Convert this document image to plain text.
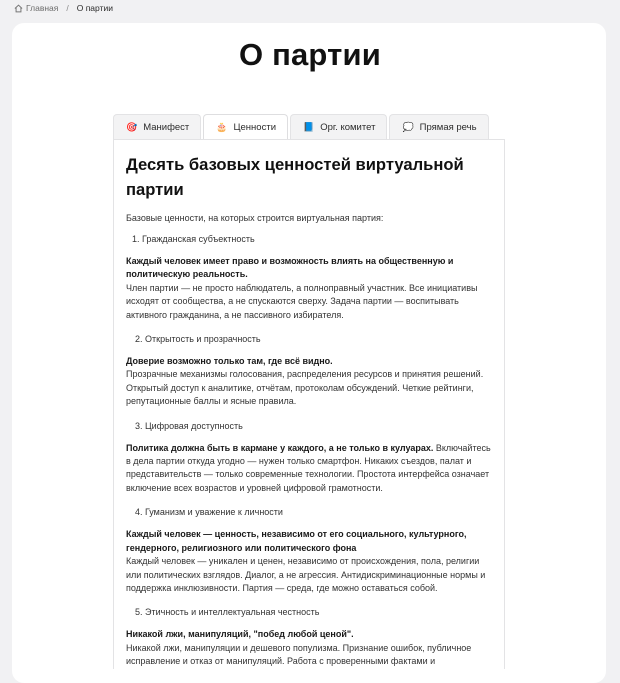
Главная / О партии
О партии
🎯 Манифест	🎂 Ценности	📘 Орг. комитет	💭 Прямая речь
Десять базовых ценностей виртуальной партии

Базовые ценности, на которых строится виртуальная партия:

1. Гражданская субъектность

Каждый человек имеет право и возможность влиять на общественную и политическую реальность.
Член партии — не просто наблюдатель, а полноправный участник. Все инициативы исходят от сообщества, а не спускаются сверху. Задача партии — воспитывать активного гражданина, а не пассивного избирателя.

2. Открытость и прозрачность

Доверие возможно только там, где всё видно.
Прозрачные механизмы голосования, распределения ресурсов и принятия решений. Открытый доступ к аналитике, отчётам, протоколам обсуждений. Четкие рейтинги, репутационные баллы и ясные правила.

3. Цифровая доступность

Политика должна быть в кармане у каждого, а не только в кулуарах. Включайтесь в дела партии откуда угодно — нужен только смартфон. Никаких съездов, палат и представительств — только современные технологии. Простота интерфейса означает включение всех возрастов и уровней цифровой грамотности.

4. Гуманизм и уважение к личности

Каждый человек — ценность, независимо от его социального, культурного, гендерного, религиозного или политического фона
Каждый человек — уникален и ценен, независимо от происхождения, пола, религии или политических взглядов. Диалог, а не агрессия. Антидискриминационные нормы и поддержка инклюзивности. Партия — среда, где можно оставаться собой.

5. Этичность и интеллектуальная честность

Никакой лжи, манипуляций, "побед любой ценой".
Никакой лжи, манипуляции и дешевого популизма. Признание ошибок, публичное исправление и отказ от манипуляций. Работа с проверенными фактами и
